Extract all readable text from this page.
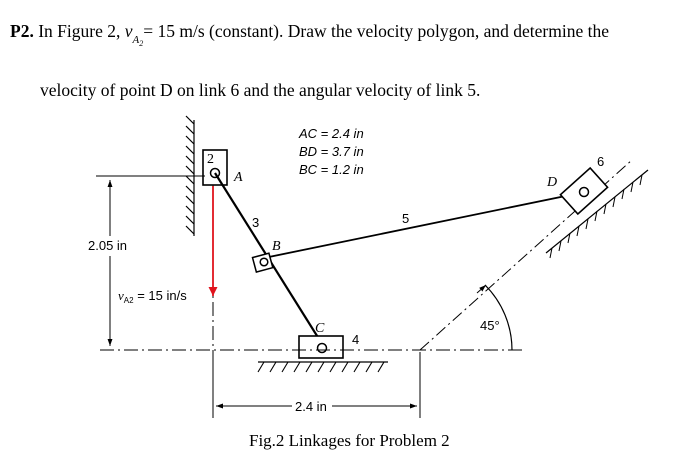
P2. In Figure 2, $v_{A_2}= 15$ m/s (constant). Draw the velocity polygon, and determine the

velocity of point D on link 6 and the angular velocity of link 5.

2
A
$v_{A2} = 15$ in/s
3	5
B
C
4
D
6
45°
AC = 2.4 in
BD = 3.7 in
BC = 1.2 in
2.05 in
2.4 in
Fig.2 Linkages for Problem 2
